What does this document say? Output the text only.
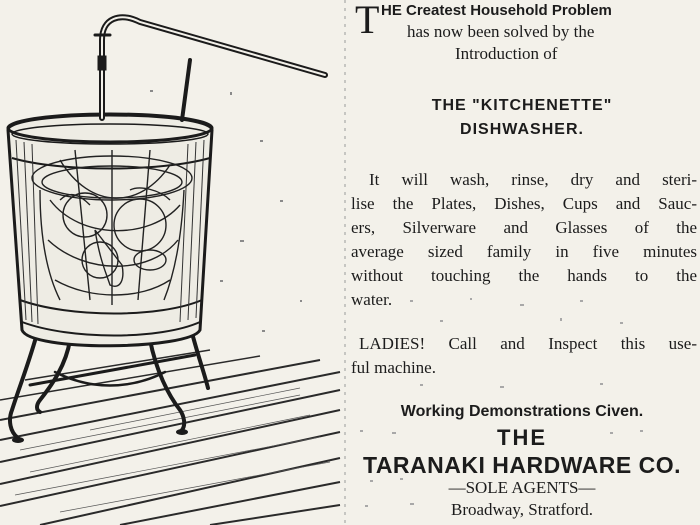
T HE Createst Household Problem
has now been solved by the
Introduction of
THE "KITCHENETTE"
DISHWASHER.
It will wash, rinse, dry and steri-
lise the Plates, Dishes, Cups and Sauc-
ers, Silverware and Glasses of the
average sized family in five minutes
without touching the hands to the
water.
LADIES! Call and Inspect this use-
ful machine.
Working Demonstrations Civen.
THE
TARANAKI HARDWARE CO.
—SOLE AGENTS—
Broadway, Stratford.
